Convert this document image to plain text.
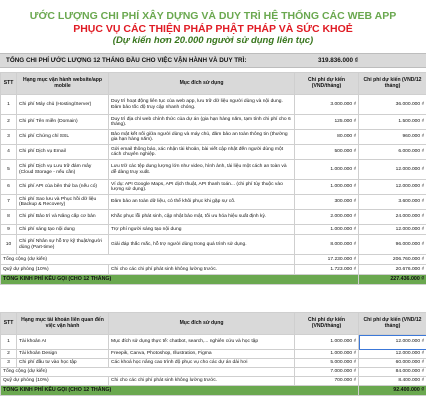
ƯỚC LƯỢNG CHI PHÍ XÂY DỰNG VÀ DUY TRÌ HỆ THỐNG CÁC WEB APP
PHỤC VỤ CÁC THIỆN PHÁP PHẬT PHÁP VÀ SỨC KHOẺ
(Dự kiến hơn 20.000 người sử dụng liên tục)
TỔNG CHI PHÍ ƯỚC LƯỢNG 12 THÁNG ĐẦU CHO VIỆC VẬN HÀNH VÀ DUY TRÌ:	319.836.000 ₫
STT	Hạng mục vận hành website/app mobile	Mục đích sử dụng	Chi phí dự kiến (VND/tháng)	Chi phí dự kiến (VND/12 tháng)
1	Chi phí Máy chủ (Hosting/Server)	Duy trì hoạt động liên tục của web app, lưu trữ dữ liệu người dùng và nội dung. Đảm bảo tốc độ truy cập nhanh chóng.	3.000.000 ₫	36.000.000 ₫
2	Chi phí Tên miền (Domain)	Duy trì địa chỉ web chính thức của dự án (gia hạn hàng năm, tạm tính chi phí cho 6 tháng).	125.000 ₫	1.500.000 ₫
3	Chi phí Chứng chỉ SSL	Bảo mật kết nối giữa người dùng và máy chủ, đảm bảo an toàn thông tin (thường gia hạn hàng năm).	80.000 ₫	960.000 ₫
4	Chi phí Dịch vụ Email	Gửi email thông báo, xác nhận tài khoản, bài viết cập nhật đến người dùng một cách chuyên nghiệp.	500.000 ₫	6.000.000 ₫
5	Chi phí Dịch vụ Lưu trữ đám mây (Cloud Storage - nếu cần)	Lưu trữ các tệp dung lượng lớn như video, hình ảnh, tài liệu một cách an toàn và dễ dàng truy xuất.	1.000.000 ₫	12.000.000 ₫
6	Chi phí API của bên thứ ba (nếu có)	Ví dụ: API Google Maps, API dịch thuật, API thanh toán... (chi phí tùy thuộc vào lượng sử dụng).	1.000.000 ₫	12.000.000 ₫
7	Chi phí Sao lưu và Phục hồi dữ liệu (Backup & Recovery)	Đảm bảo an toàn dữ liệu, có thể khôi phục khi gặp sự cố.	300.000 ₫	3.600.000 ₫
8	Chi phí Bảo trì và Nâng cấp cơ bản	Khắc phục lỗi phát sinh, cập nhật bảo mật, tối ưu hóa hiệu suất định kỳ.	2.000.000 ₫	24.000.000 ₫
9	Chi phí sáng tạo nội dung	Trợ phí người sáng tạo nội dung	1.000.000 ₫	12.000.000 ₫
10	Chi phí Nhân sự hỗ trợ kỹ thuật/người dùng (Part-time)	Giải đáp thắc mắc, hỗ trợ người dùng trong quá trình sử dụng.	8.000.000 ₫	96.000.000 ₫
Tổng cộng (dự kiến)			17.230.000 ₫	206.760.000 ₫
Quỹ dự phòng (10%)		Chi cho các chi phí phát sinh không lường trước.	1.723.000 ₫	20.676.000 ₫
TỔNG KINH PHÍ KÊU GỌI (CHO 12 THÁNG)				227.436.000 ₫
STT	Hạng mục tài khoản liên quan đến việc vận hành	Mục đích sử dụng	Chi phí dự kiến (VND/tháng)	Chi phí dự kiến (VND/12 tháng)
1	Tài khoản AI	Mục đích sử dụng thực tế: chatbot, search,... nghiên cứu và học tập	1.000.000 ₫	12.000.000 ₫
2	Tài khoản Design	Freepik, Canva, Photoshop, Illustration, Figma	1.000.000 ₫	12.000.000 ₫
3	Chi phí đầu tư vào học tập	Các khoá học nâng cao trình độ phục vụ cho các dự án dài hơi	5.000.000 ₫	60.000.000 ₫
Tổng cộng (dự kiến)			7.000.000 ₫	84.000.000 ₫
Quỹ dự phòng (10%)		Chi cho các chi phí phát sinh không lường trước.	700.000 ₫	8.400.000 ₫
TỔNG KINH PHÍ KÊU GỌI (CHO 12 THÁNG)				92.400.000 ₫
